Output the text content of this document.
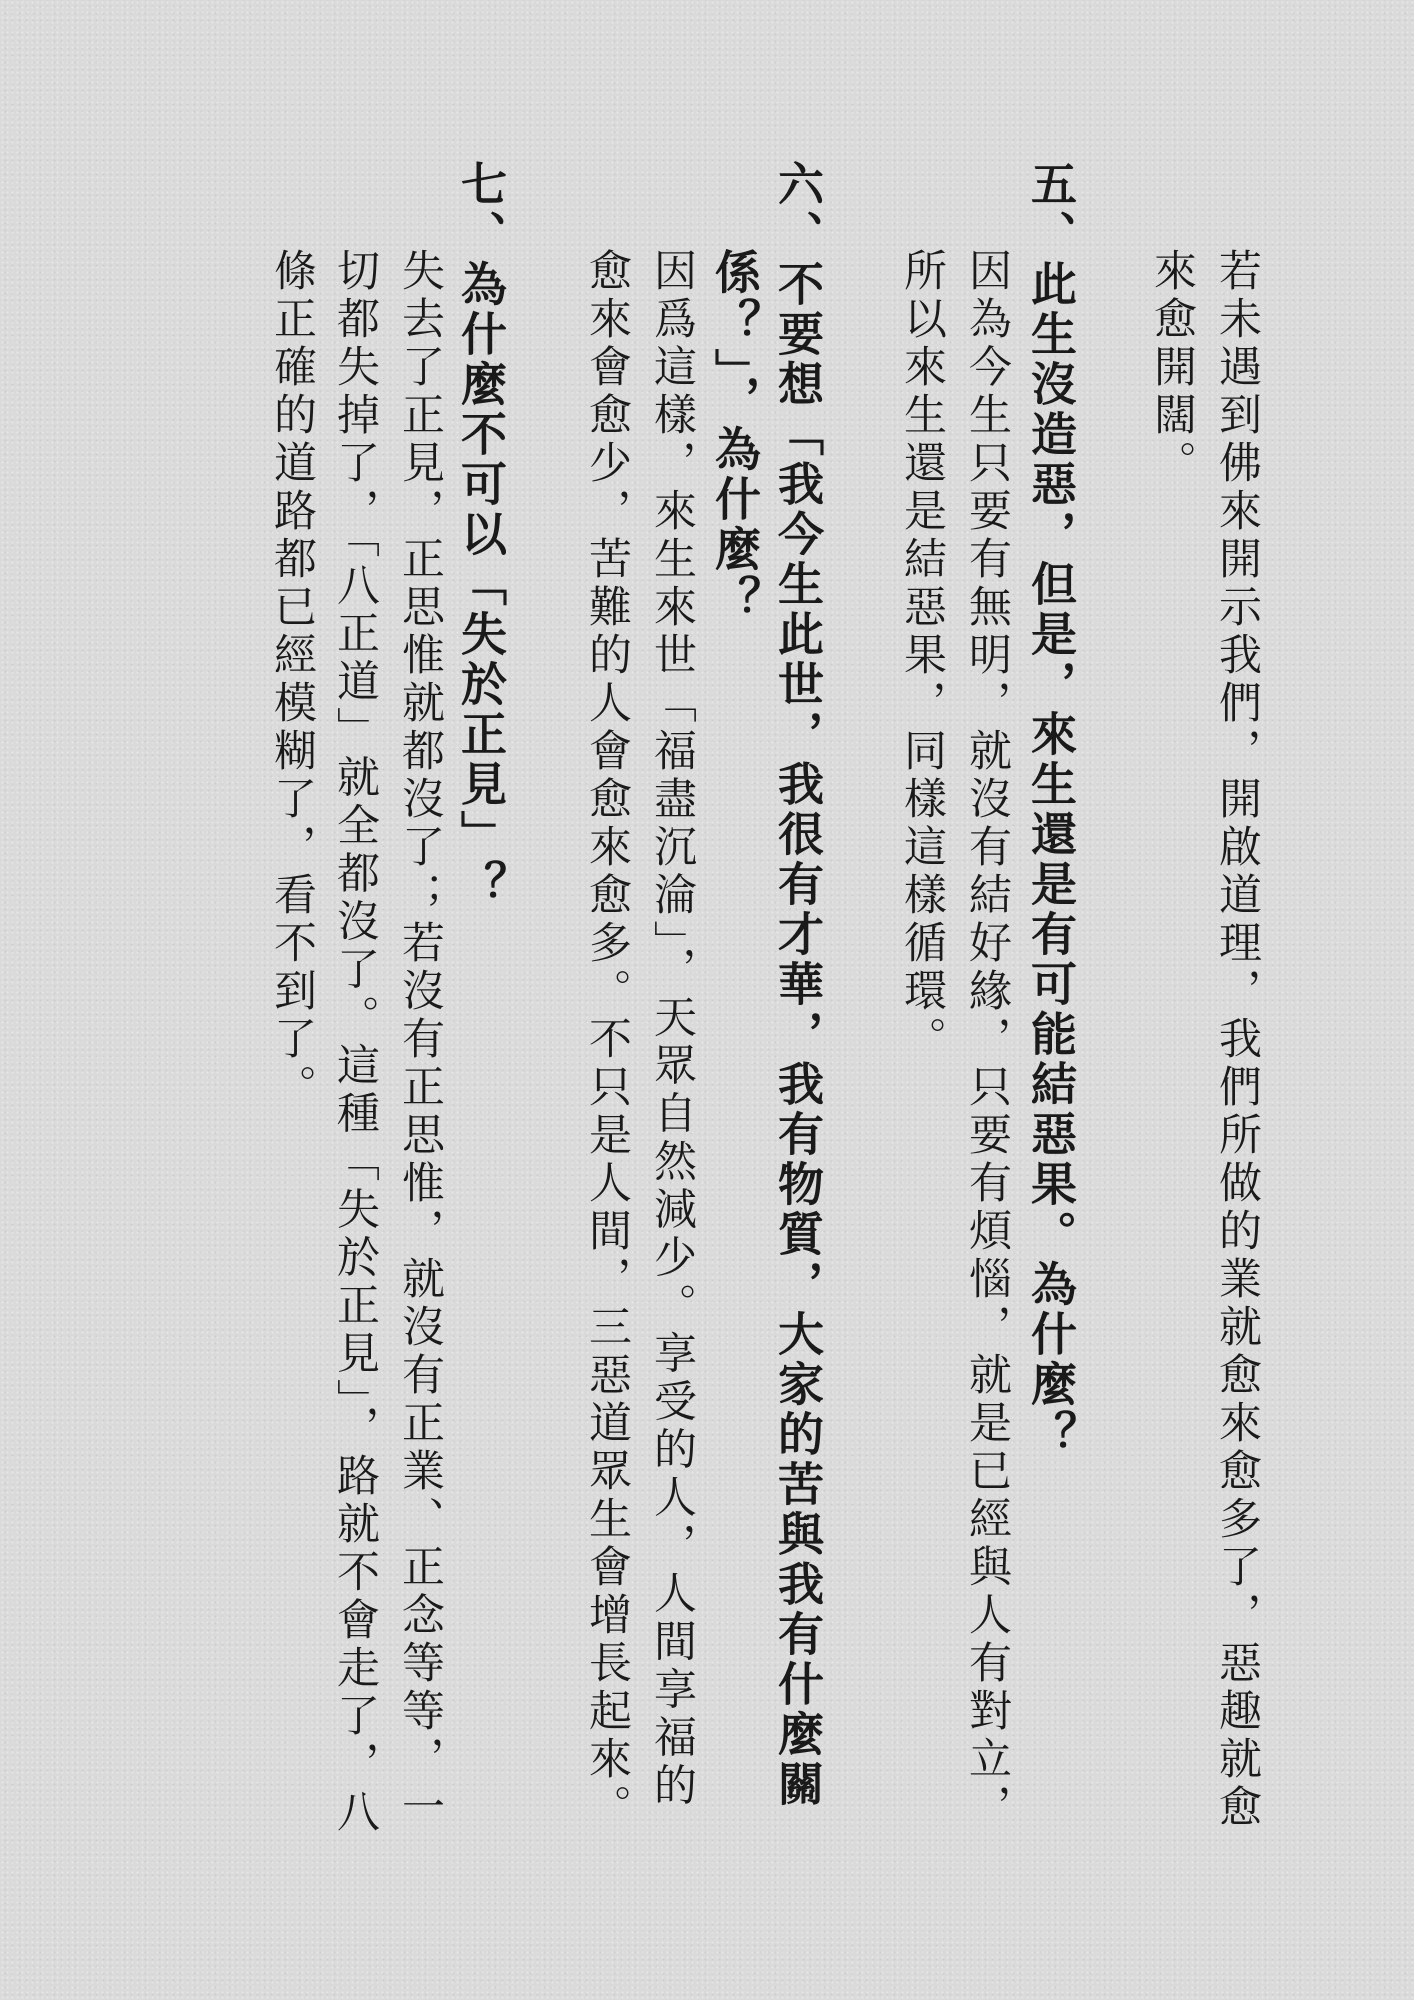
若未遇到佛來開示我們，開啟道理，我們所做的業就愈來愈多了，惡趣就愈
來愈開闊。
五、此生沒造惡，但是，來生還是有可能結惡果。為什麼？
因為今生只要有無明，就沒有結好緣，只要有煩惱，就是已經與人有對立，
所以來生還是結惡果，同樣這樣循環。
六、不要想「我今生此世，我很有才華，我有物質，大家的苦與我有什麼關
係？」，為什麼？
因爲這樣，來生來世「福盡沉淪」，天眾自然減少。享受的人，人間享福的
愈來會愈少，苦難的人會愈來愈多。不只是人間，三惡道眾生會增長起來。
七、為什麼不可以「失於正見」？
失去了正見，正思惟就都沒了；若沒有正思惟，就沒有正業、正念等等，一
切都失掉了，「八正道」就全都沒了。這種「失於正見」，路就不會走了，八
條正確的道路都已經模糊了，看不到了。
